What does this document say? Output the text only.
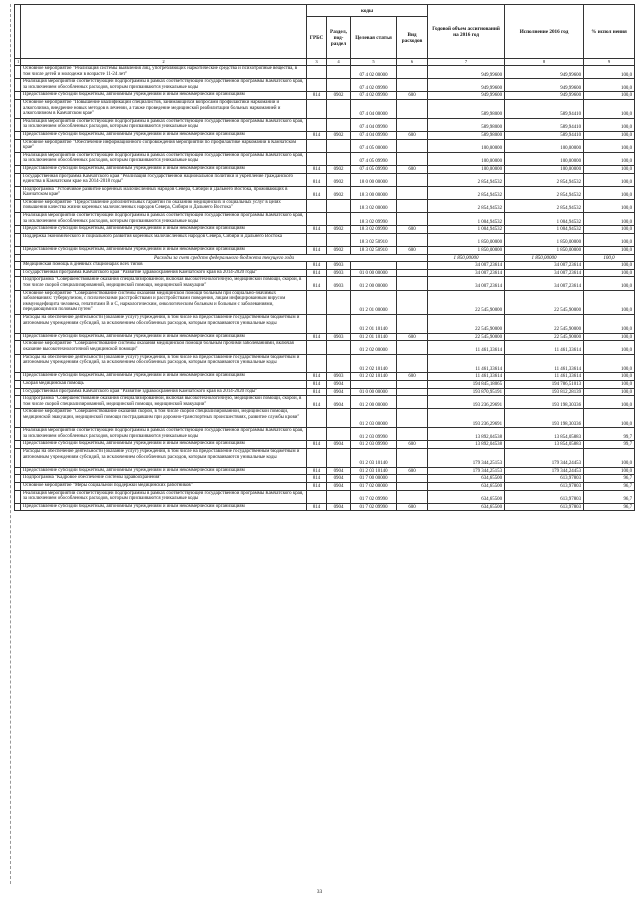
		коды				Годовой объем ассигнований на 2016 год	Исполнение 2016 год	% испол нения
		ГРБС	Раздел, под-раздел	Целевая статья	Вид расходов			
1	2	3	4	5	6	7	8	9
	Основное мероприятие "Реализация системы выявления лиц, употребляющих наркотические средства и психотропные вещества, в том числе детей и молодежи в возрасте 11-24 лет"			07 4 02 00000		949,99600	949,99600	100,0
	Реализация мероприятий соответствующей подпрограммы в рамках соответствующей государственной программы Камчатского края, за исключением обособленных расходов, которым присваиваются уникальные коды			07 4 02 09990		949,99600	949,99600	100,0
	Предоставление субсидий бюджетным, автономным учреждениям и иным некоммерческим организациям	814	0902	07 4 02 09990	600	949,99600	949,99600	100,0
	Основное мероприятие "Повышение квалификации специалистов, занимающихся вопросами профилактики наркомании и алкоголизма, внедрение новых методов в лечении, а также проведение медицинской реабилитации больных наркоманией и алкоголизмом в Камчатском крае"			07 4 04 00000		589,98000	589,94410	100,0
	Реализация мероприятий соответствующей подпрограммы в рамках соответствующей государственной программы Камчатского края, за исключением обособленных расходов, которым присваиваются уникальные коды			07 4 04 09990		589,98000	589,94410	100,0
	Предоставление субсидий бюджетным, автономным учреждениям и иным некоммерческим организациям	814	0902	07 4 04 09990	600	589,98000	589,94410	100,0
	Основное мероприятие "Обеспечение информационного сопровождения мероприятий по профилактике наркомании в Камчатском крае"			07 4 05 00000		100,00000	100,00000	100,0
	Реализация мероприятий соответствующей подпрограммы в рамках соответствующей государственной программы Камчатского края, за исключением обособленных расходов, которым присваиваются уникальные коды			07 4 05 09990		100,00000	100,00000	100,0
	Предоставление субсидий бюджетным, автономным учреждениям и иным некоммерческим организациям	814	0902	07 4 05 09990	600	100,00000	100,00000	100,0
	Государственная программа Камчатского края "Реализация государственной национальной политики и укрепление гражданского единства в Камчатском крае на 2014-2018 годы"	814	0902	18 0 00 00000		2 854,94532	2 854,94532	100,0
	Подпрограмма "Устойчивое развитие коренных малочисленных народов Севера, Сибири и Дальнего Востока, проживающих в Камчатском крае"	814	0902	18 3 00 00000		2 854,94532	2 854,94532	100,0
	Основное мероприятие "Предоставление дополнительных гарантий по оказанию медицинских и социальных услуг в целях повышения качества жизни коренных малочисленных народов Севера, Сибири и Дальнего Востока"			18 3 02 00000		2 854,94532	2 854,94532	100,0
	Реализация мероприятий соответствующей подпрограммы в рамках соответствующей государственной программы Камчатского края, за исключением обособленных расходов, которым присваиваются уникальные коды			18 3 02 09990		1 004,94532	1 004,94532	100,0
	Предоставление субсидий бюджетным, автономным учреждениям и иным некоммерческим организациям	814	0902	18 3 02 09990	600	1 004,94532	1 004,94532	100,0
	Поддержка экономического и социального развития коренных малочисленных народов Севера, Сибири и Дальнего Востока			18 3 02 50910		1 850,00000	1 850,00000	100,0
	Предоставление субсидий бюджетным, автономным учреждениям и иным некоммерческим организациям	814	0902	18 3 02 50910	600	1 850,00000	1 850,00000	100,0
	Расходы за счет средств федерального бюджета текущего года					1 850,00000	1 850,00000	100,0
	Медицинская помощь в дневных стационарах всех типов	814	0903			34 007,23614	34 007,23614	100,0
	Государственная программа Камчатского края "Развитие здравоохранения Камчатского края на 2014-2020 годы"	814	0903	01 0 00 00000		34 007,23614	34 007,23614	100,0
	Подпрограмма "Совершенствование оказания специализированной, включая высокотехнологичную, медицинской помощи, скорой, в том числе скорой специализированной, медицинской помощи, медицинской эвакуации"	814	0903	01 2 00 00000		34 007,23614	34 007,23614	100,0
	Основное мероприятие "Совершенствование системы оказания медицинской помощи больным при социально-значимых заболеваниях: туберкулезом, с психическими расстройствами и расстройствами поведения, лицам инфицированным вирусом иммунодефицита человека, гепатитами В и С, наркологическим, онкологическим больным и больным с заболеваниями, передающимися половым путем"			01 2 01 00000		22 545,90000	22 545,90000	100,0
	Расходы на обеспечение деятельности (оказание услуг) учреждений, в том числе на предоставление государственным бюджетным и автономным учреждениям субсидий, за исключением обособленных расходов, которым присваиваются уникальные коды			01 2 01 10140		22 545,90000	22 545,90000	100,0
	Предоставление субсидий бюджетным, автономным учреждениям и иным некоммерческим организациям	814	0903	01 2 01 10140	600	22 545,90000	22 545,90000	100,0
	Основное мероприятие "Совершенствование системы оказания медицинской помощи больным прочими заболеваниями, включая оказание высокотехнологичной медицинской помощи"			01 2 02 00000		11 461,33614	11 461,33614	100,0
	Расходы на обеспечение деятельности (оказание услуг) учреждений, в том числе на предоставление государственным бюджетным и автономным учреждениям субсидий, за исключением обособленных расходов, которым присваиваются уникальные коды			01 2 02 10140		11 461,33614	11 461,33614	100,0
	Предоставление субсидий бюджетным, автономным учреждениям и иным некоммерческим организациям	814	0903	01 2 02 10140	600	11 461,33614	11 461,33614	100,0
	Скорая медицинская помощь	814	0904			194 845,18065	194 786,51013	100,0
	Государственная программа Камчатского края "Развитие здравоохранения Камчатского края на 2014-2020 годы"	814	0904	01 0 00 00000		193 870,95191	193 812,28139	100,0
	Подпрограмма "Совершенствование оказания специализированной, включая высокотехнологичную, медицинской помощи, скорой, в том числе скорой специализированной, медицинской помощи, медицинской эвакуации"	814	0904	01 2 00 00000		193 236,29691	193 198,30336	100,0
	Основное мероприятие "Совершенствование оказания скорой, в том числе скорой специализированной, медицинской помощи, медицинской эвакуации, медицинской помощи пострадавшим при дорожно-транспортных происшествиях, развитие службы крови"			01 2 03 00000		193 236,29691	193 198,30336	100,0
	Реализация мероприятий соответствующей подпрограммы в рамках соответствующей государственной программы Камчатского края, за исключением обособленных расходов, которым присваиваются уникальные коды			01 2 03 09990		13 892,04538	13 854,05883	99,7
	Предоставление субсидий бюджетным, автономным учреждениям и иным некоммерческим организациям	814	0904	01 2 03 09990	600	13 892,04538	13 854,05883	99,7
	Расходы на обеспечение деятельности (оказание услуг) учреждений, в том числе на предоставление государственным бюджетным и автономным учреждениям субсидий, за исключением обособленных расходов, которым присваиваются уникальные коды			01 2 03 10140		179 344,25153	179 344,24453	100,0
	Предоставление субсидий бюджетным, автономным учреждениям и иным некоммерческим организациям	814	0904	01 2 03 10140	600	179 344,25153	179 344,24453	100,0
	Подпрограмма "Кадровое обеспечение системы здравоохранения"	814	0904	01 7 00 00000		634,65500	613,97803	96,7
	Основное мероприятие "Меры социальной поддержки медицинских работников"	814	0904	01 7 02 00000		634,65500	613,97803	96,7
	Реализация мероприятий соответствующей подпрограммы в рамках соответствующей государственной программы Камчатского края, за исключением обособленных расходов, которым присваиваются уникальные коды			01 7 02 09990		634,65500	613,97803	96,7
	Предоставление субсидий бюджетным, автономным учреждениям и иным некоммерческим организациям	814	0904	01 7 02 09990	600	634,65500	613,97803	96,7
33
